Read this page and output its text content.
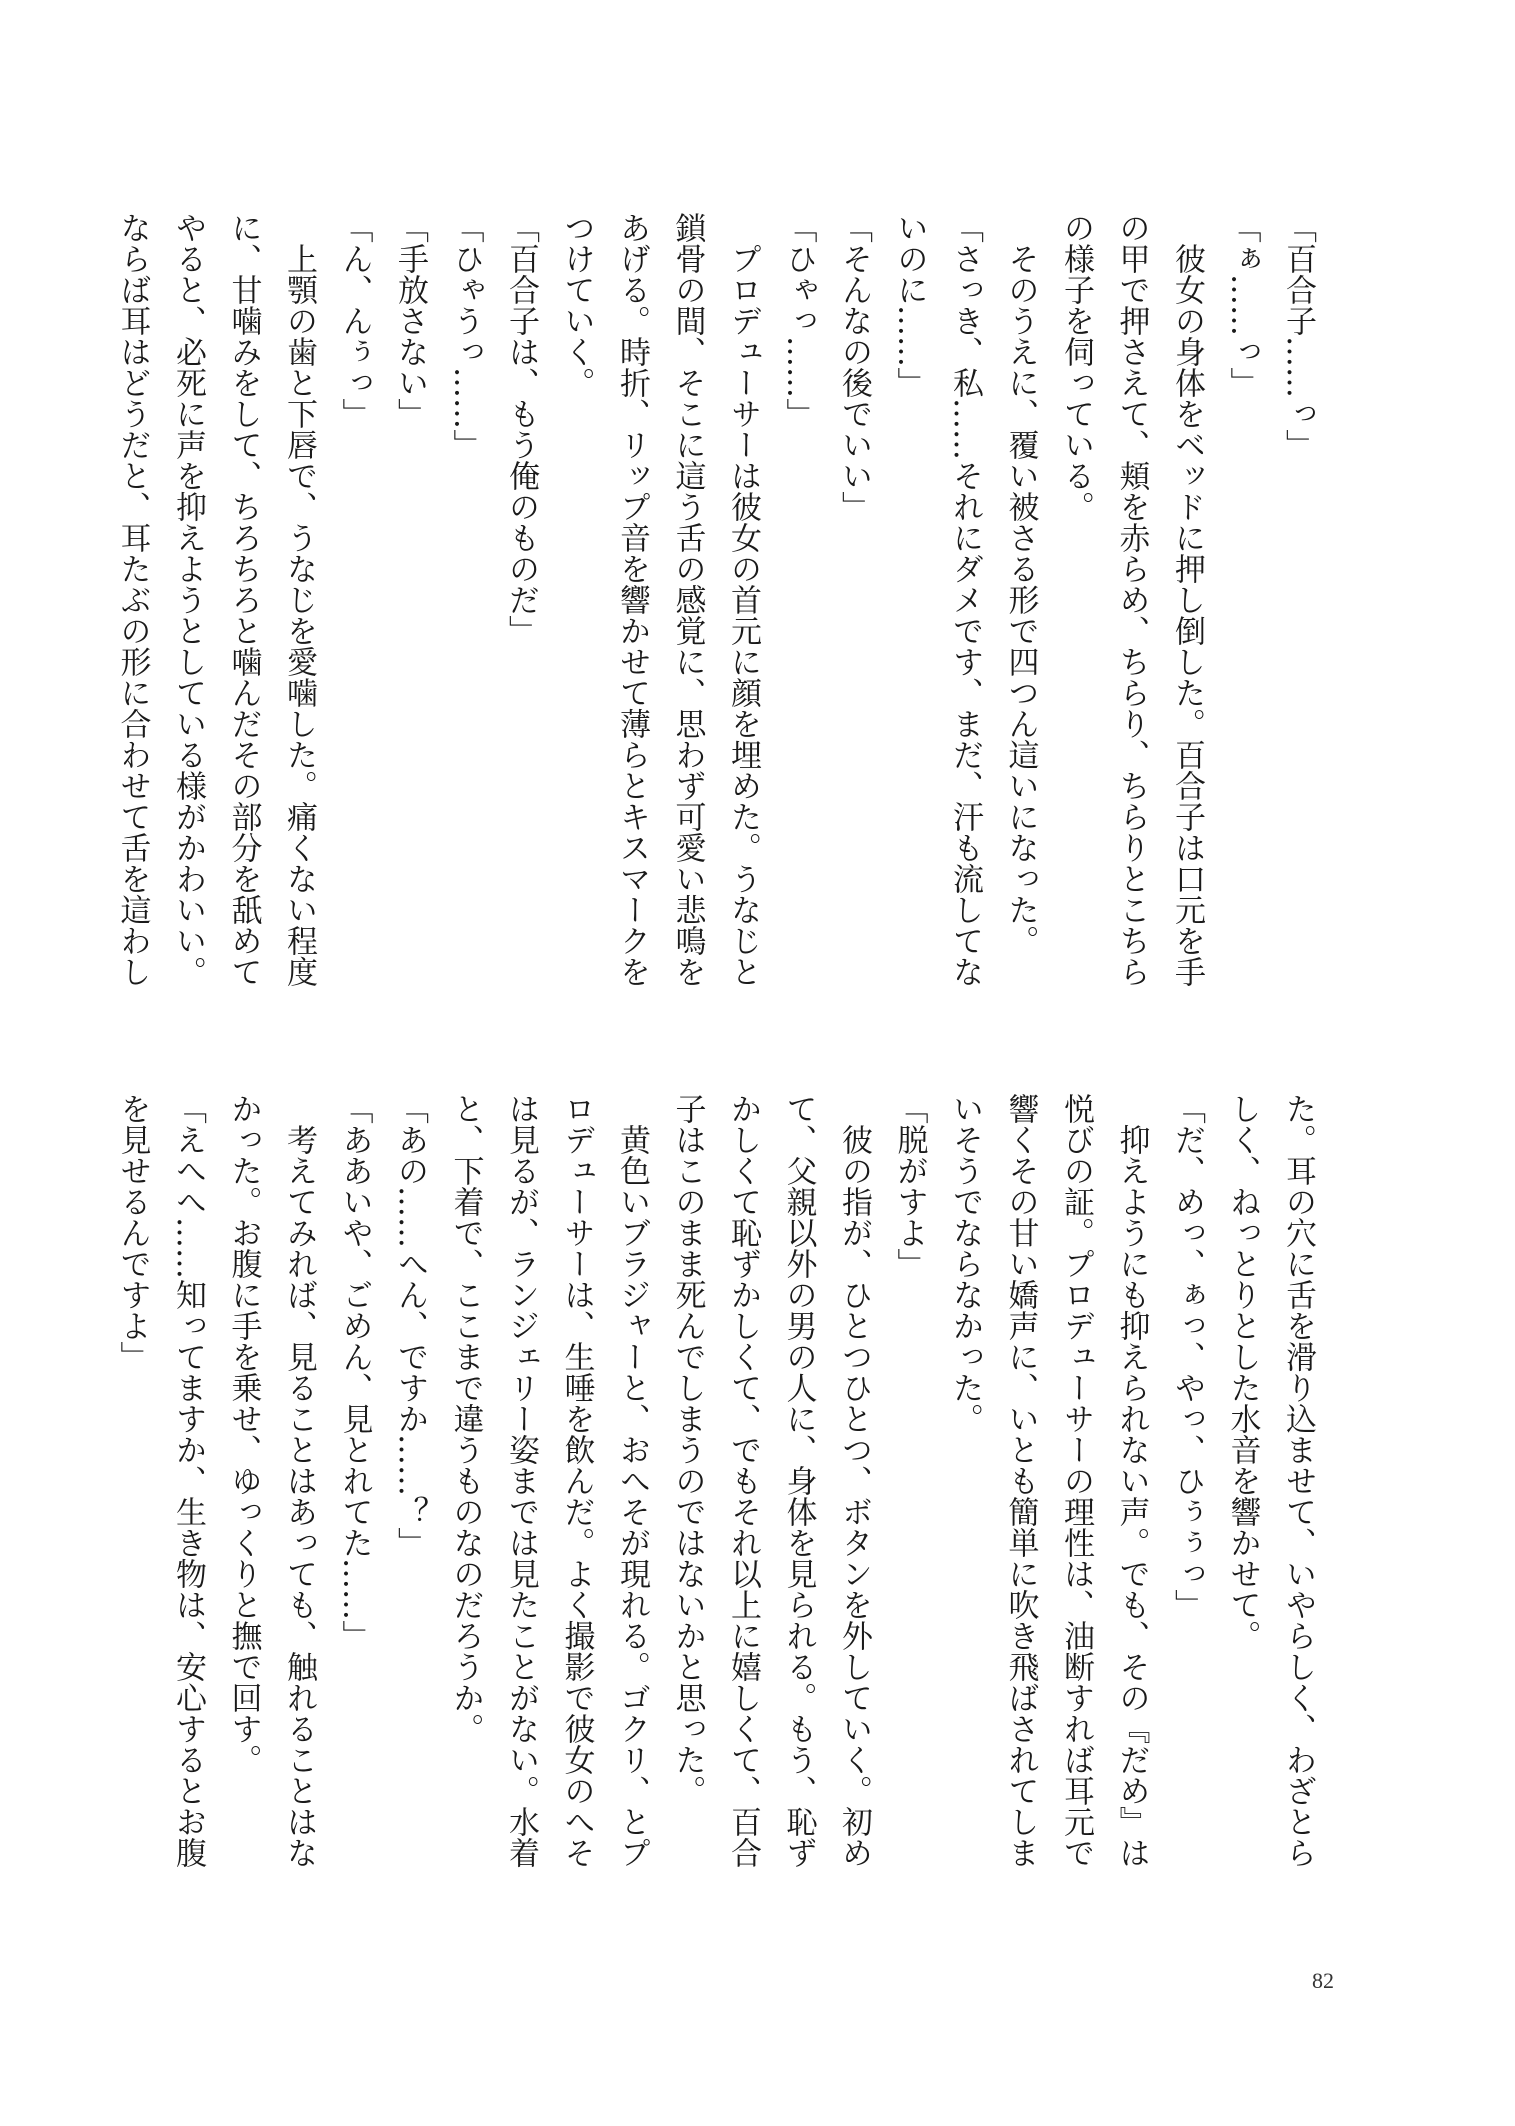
「百合子……っ」
「ぁ……っ」
　彼女の身体をベッドに押し倒した。百合子は口元を手
の甲で押さえて、頬を赤らめ、ちらり、ちらりとこちら
の様子を伺っている。
　そのうえに、覆い被さる形で四つん這いになった。
「さっき、私……それにダメです、まだ、汗も流してな
いのに……」
「そんなの後でいい」
「ひゃっ……」
　プロデューサーは彼女の首元に顔を埋めた。うなじと
鎖骨の間、そこに這う舌の感覚に、思わず可愛い悲鳴を
あげる。時折、リップ音を響かせて薄らとキスマークを
つけていく。
「百合子は、もう俺のものだ」
「ひゃうっ……」
「手放さない」
「ん、んぅっ」
　上顎の歯と下唇で、うなじを愛噛した。痛くない程度
に、甘噛みをして、ちろちろと噛んだその部分を舐めて
やると、必死に声を抑えようとしている様がかわいい。
ならば耳はどうだと、耳たぶの形に合わせて舌を這わし
た。耳の穴に舌を滑り込ませて、いやらしく、わざとら
しく、ねっとりとした水音を響かせて。
「だ、めっ、ぁっ、やっ、ひぅぅっ」
　抑えようにも抑えられない声。でも、その『だめ』は
悦びの証。プロデューサーの理性は、油断すれば耳元で
響くその甘い嬌声に、いとも簡単に吹き飛ばされてしま
いそうでならなかった。
「脱がすよ」
　彼の指が、ひとつひとつ、ボタンを外していく。初め
て、父親以外の男の人に、身体を見られる。もう、恥ず
かしくて恥ずかしくて、でもそれ以上に嬉しくて、百合
子はこのまま死んでしまうのではないかと思った。
　黄色いブラジャーと、おへそが現れる。ゴクリ、とプ
ロデューサーは、生唾を飲んだ。よく撮影で彼女のへそ
は見るが、ランジェリー姿までは見たことがない。水着
と、下着で、ここまで違うものなのだろうか。
「あの……へん、ですか……？」
「ああいや、ごめん、見とれてた……」
　考えてみれば、見ることはあっても、触れることはな
かった。お腹に手を乗せ、ゆっくりと撫で回す。
「えへへ……知ってますか、生き物は、安心するとお腹
を見せるんですよ」
82
